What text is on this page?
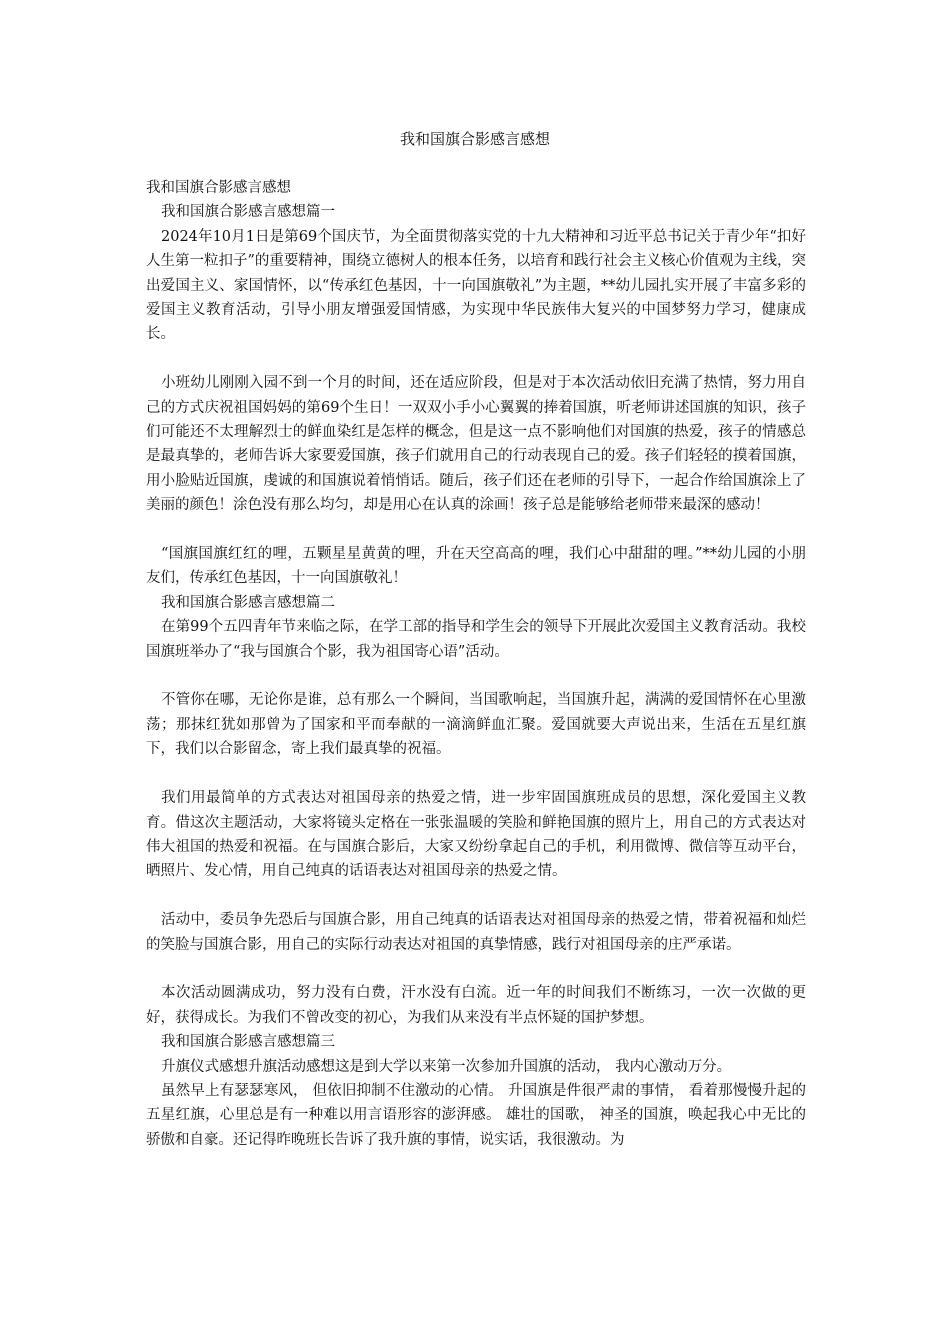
我和国旗合影感言感想

我和国旗合影感言感想

我和国旗合影感言感想篇一

2024年10月1日是第69个国庆节，为全面贯彻落实党的十九大精神和习近平总书记关于青少年“扣好人生第一粒扣子”的重要精神，围绕立德树人的根本任务，以培育和践行社会主义核心价值观为主线，突出爱国主义、家国情怀，以“传承红色基因，十一向国旗敬礼”为主题，**幼儿园扎实开展了丰富多彩的爱国主义教育活动，引导小朋友增强爱国情感，为实现中华民族伟大复兴的中国梦努力学习，健康成长。

小班幼儿刚刚入园不到一个月的时间，还在适应阶段，但是对于本次活动依旧充满了热情，努力用自己的方式庆祝祖国妈妈的第69个生日！一双双小手小心翼翼的捧着国旗，听老师讲述国旗的知识，孩子们可能还不太理解烈士的鲜血染红是怎样的概念，但是这一点不影响他们对国旗的热爱，孩子的情感总是最真挚的，老师告诉大家要爱国旗，孩子们就用自己的行动表现自己的爱。孩子们轻轻的摸着国旗，用小脸贴近国旗，虔诚的和国旗说着悄悄话。随后，孩子们还在老师的引导下，一起合作给国旗涂上了美丽的颜色！涂色没有那么均匀，却是用心在认真的涂画！孩子总是能够给老师带来最深的感动！

“国旗国旗红红的哩，五颗星星黄黄的哩，升在天空高高的哩，我们心中甜甜的哩。”**幼儿园的小朋友们，传承红色基因，十一向国旗敬礼！

我和国旗合影感言感想篇二

在第99个五四青年节来临之际，在学工部的指导和学生会的领导下开展此次爱国主义教育活动。我校国旗班举办了“我与国旗合个影，我为祖国寄心语”活动。

不管你在哪，无论你是谁，总有那么一个瞬间，当国歌响起，当国旗升起，满满的爱国情怀在心里激荡；那抹红犹如那曾为了国家和平而奉献的一滴滴鲜血汇聚。爱国就要大声说出来，生活在五星红旗下，我们以合影留念，寄上我们最真挚的祝福。

我们用最简单的方式表达对祖国母亲的热爱之情，进一步牢固国旗班成员的思想，深化爱国主义教育。借这次主题活动，大家将镜头定格在一张张温暖的笑脸和鲜艳国旗的照片上，用自己的方式表达对伟大祖国的热爱和祝福。在与国旗合影后，大家又纷纷拿起自己的手机，利用微博、微信等互动平台，晒照片、发心情，用自己纯真的话语表达对祖国母亲的热爱之情。

活动中，委员争先恐后与国旗合影，用自己纯真的话语表达对祖国母亲的热爱之情，带着祝福和灿烂的笑脸与国旗合影，用自己的实际行动表达对祖国的真挚情感，践行对祖国母亲的庄严承诺。

本次活动圆满成功，努力没有白费，汗水没有白流。近一年的时间我们不断练习，一次一次做的更好，获得成长。为我们不曾改变的初心，为我们从来没有半点怀疑的国护梦想。

我和国旗合影感言感想篇三

升旗仪式感想升旗活动感想这是到大学以来第一次参加升国旗的活动， 我内心激动万分。

虽然早上有瑟瑟寒风， 但依旧抑制不住激动的心情。 升国旗是件很严肃的事情， 看着那慢慢升起的五星红旗，心里总是有一种难以用言语形容的澎湃感。 雄壮的国歌， 神圣的国旗，唤起我心中无比的骄傲和自豪。还记得昨晚班长告诉了我升旗的事情，说实话，我很激动。为
